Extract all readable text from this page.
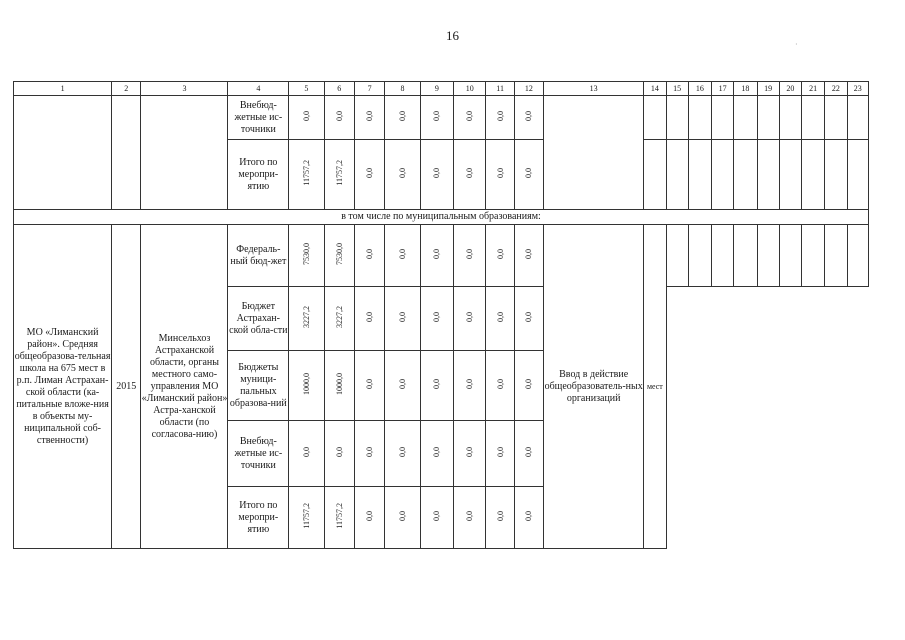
16
1	2	3	4	5	6	7	8	9	10	11	12	13	14	15	16	17	18	19	20	21	22	23
			Внебюд-жетные ис-точники	0,0	0,0	0,0	0,0	0,0	0,0	0,0	0,0											
			Итого по меропри-ятию	11757,2	11757,2	0,0	0,0	0,0	0,0	0,0	0,0											
в том числе по муниципальным образованиям:																						
МО «Лиманский район». Средняя общеобразова-тельная школа на 675 мест в р.п. Лиман Астрахан-ской области (ка-питальные вложе-ния в объекты му-ниципальной соб-ственности)	2015	Минсельхоз Астраханской области, органы местного само-управления МО «Лиманский район» Астра-ханской области (по согласова-нию)	Федераль-ный бюд-жет	7530,0	7530,0	0,0	0,0	0,0	0,0	0,0	0,0	Ввод в действие общеобразователь-ных организаций	мест									
			Бюджет Астрахан-ской обла-сти	3227,2	3227,2	0,0	0,0	0,0	0,0	0,0	0,0											
			Бюджеты муници-пальных образова-ний	1000,0	1000,0	0,0	0,0	0,0	0,0	0,0	0,0											
			Внебюд-жетные ис-точники	0,0	0,0	0,0	0,0	0,0	0,0	0,0	0,0											
			Итого по меропри-ятию	11757,2	11757,2	0,0	0,0	0,0	0,0	0,0	0,0											
·
